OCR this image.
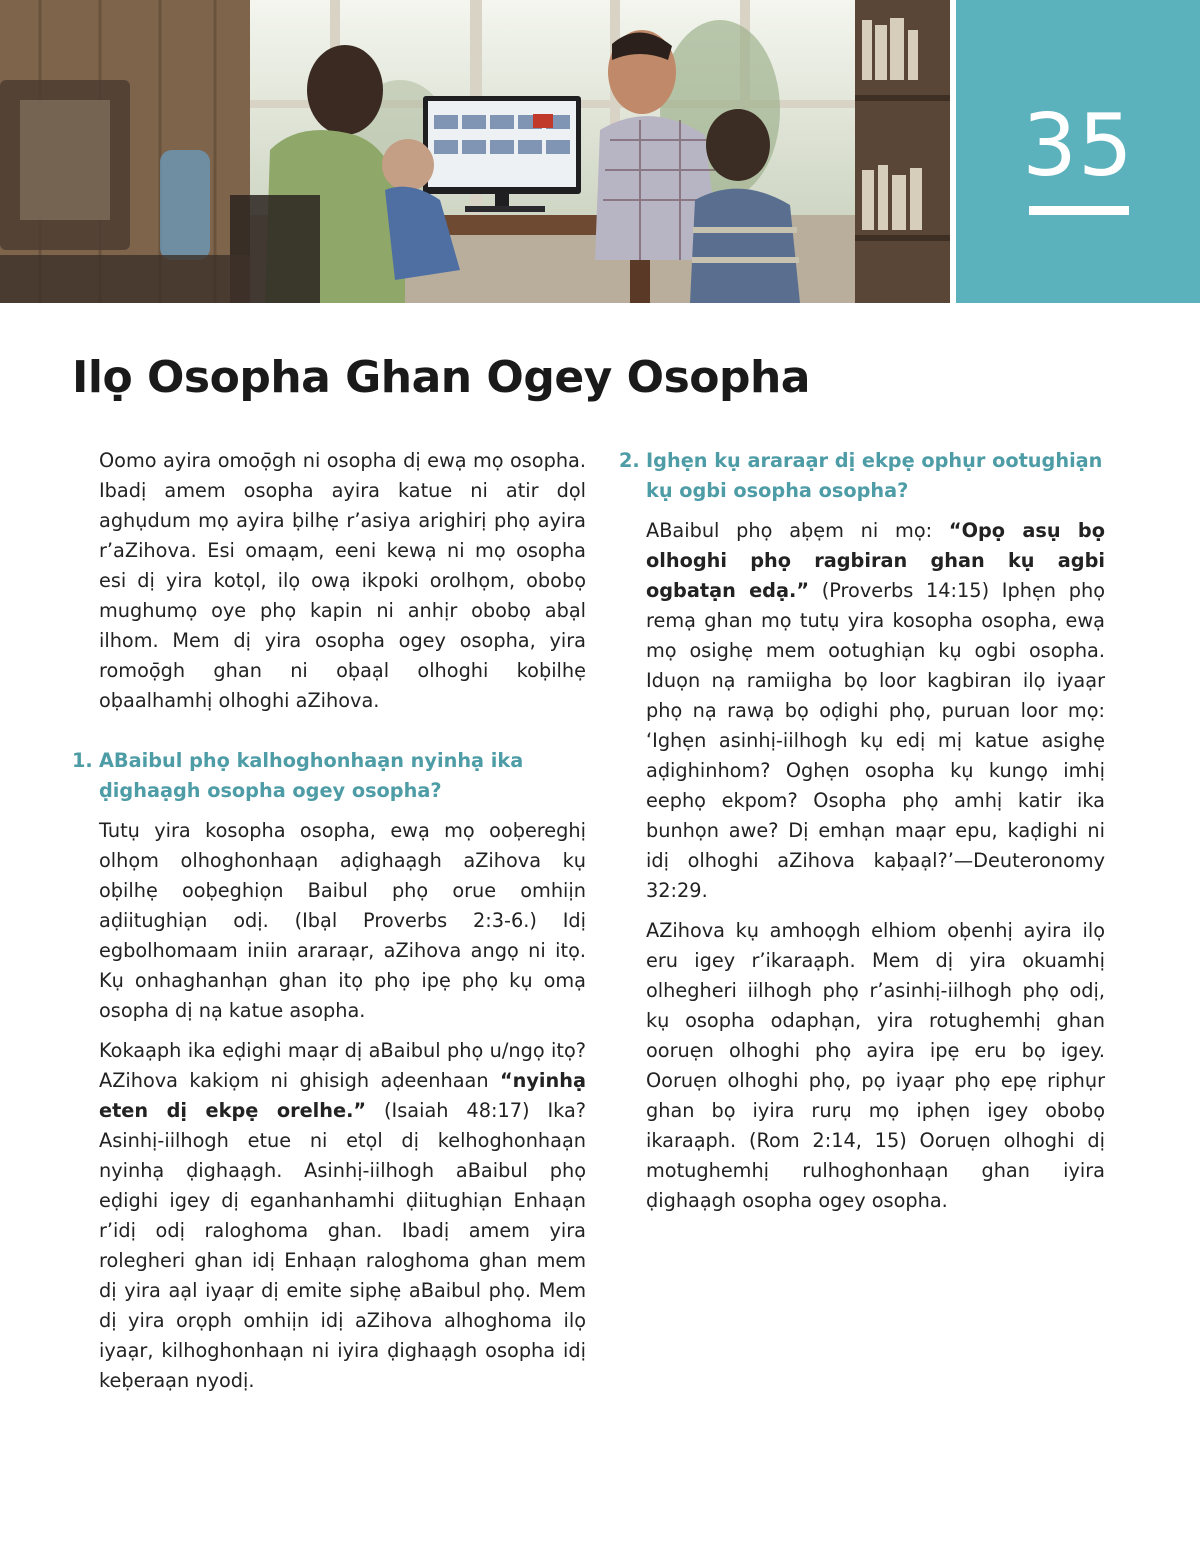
35
Ilọ Osopha Ghan Ogey Osopha

Oomo ayira omoọ̄gh ni osopha dị ewạ mọ osopha. Ibadị amem osopha ayira katue ni atir dọl aghụdum mọ ayira ḅilhẹ r’asiya arighirị phọ ayira r’aZihova. Esi omaạm, eeni kewạ ni mọ osopha esi dị yira kotọl, ilọ owạ ikpoki orolhọm, obobọ mughumọ oye phọ kapin ni anhịr obobọ abạl ilhom. Mem dị yira osopha ogey osopha, yira romoọ̄gh ghan ni oḅaạl olhoghi koḅilhẹ oḅaalhamhị olhoghi aZihova.

1. ABaibul phọ kalhoghonhaạn nyinhạ ika ḍighaạgh osopha ogey osopha?

Tutụ yira kosopha osopha, ewạ mọ ooḅereghị olhọm olhoghonhaạn aḍighaạgh aZihova kụ oḅilhẹ ooḅeghiọn Baibul phọ orue omhiịn aḍiitughiạn odị. (Ibạl Proverbs 2:3-6.) Idị egbolhomaam iniin araraạr, aZihova angọ ni itọ. Kụ onhaghanhạn ghan itọ phọ ipẹ phọ kụ omạ osopha dị nạ katue asopha.

Kokaạph ika eḍighi maạr dị aBaibul phọ u/ngọ itọ? AZihova kakiọm ni ghisigh aḍeenhaan “nyinhạ eten dị ekpẹ orelhe.” (Isaiah 48:17) Ika? Asinhị-iilhogh etue ni etọl dị kelhoghonhaạn nyinhạ ḍighaạgh. Asinhị-iilhogh aBaibul phọ eḍighi igey dị eganhanhamhi ḍiitughiạn Enhaạn r’idị odị raloghoma ghan. Ibadị amem yira rolegheri ghan idị Enhaạn raloghoma ghan mem dị yira aạl iyaạr dị emite siphẹ aBaibul phọ. Mem dị yira orọph omhiịn idị aZihova alhoghoma ilọ iyaạr, kilhoghonhaạn ni iyira ḍighaạgh osopha idị keḅeraạn nyodị.

2. Ighẹn kụ araraạr dị ekpẹ ophụr ootughiạn kụ ogbi osopha osopha?

ABaibul phọ aḅẹm ni mọ: “Opọ asụ bọ olhoghi phọ ragbiran ghan kụ agbi ogbatạn edạ.” (Proverbs 14:15) Iphẹn phọ remạ ghan mọ tutụ yira kosopha osopha, ewạ mọ osighẹ mem ootughiạn kụ ogbi osopha. Iduọn nạ ramiigha bọ loor kagbiran ilọ iyaạr phọ nạ rawạ bọ oḍighi phọ, puruan loor mọ: ‘Ighẹn asinhị-iilhogh kụ edị mị katue asighẹ aḍighinhom? Oghẹn osopha kụ kungọ imhị eephọ ekpom? Osopha phọ amhị katir ika bunhọn awe? Dị emhạn maạr epu, kaḍighi ni idị olhoghi aZihova kaḅaạl?’—Deuteronomy 32:29.

AZihova kụ amhoọgh elhiom oḅenhị ayira ilọ eru igey r’ikaraạph. Mem dị yira okuamhị olhegheri iilhogh phọ r’asinhị-iilhogh phọ odị, kụ osopha odaphạn, yira rotughemhị ghan ooruẹn olhoghi phọ ayira ipẹ eru bọ igey. Ooruẹn olhoghi phọ, pọ iyaạr phọ epẹ riphụr ghan bọ iyira rurụ mọ iphẹn igey obobọ ikaraạph. (Rom 2:14, 15) Ooruẹn olhoghi dị motughemhị rulhoghonhaạn ghan iyira ḍighaạgh osopha ogey osopha.
